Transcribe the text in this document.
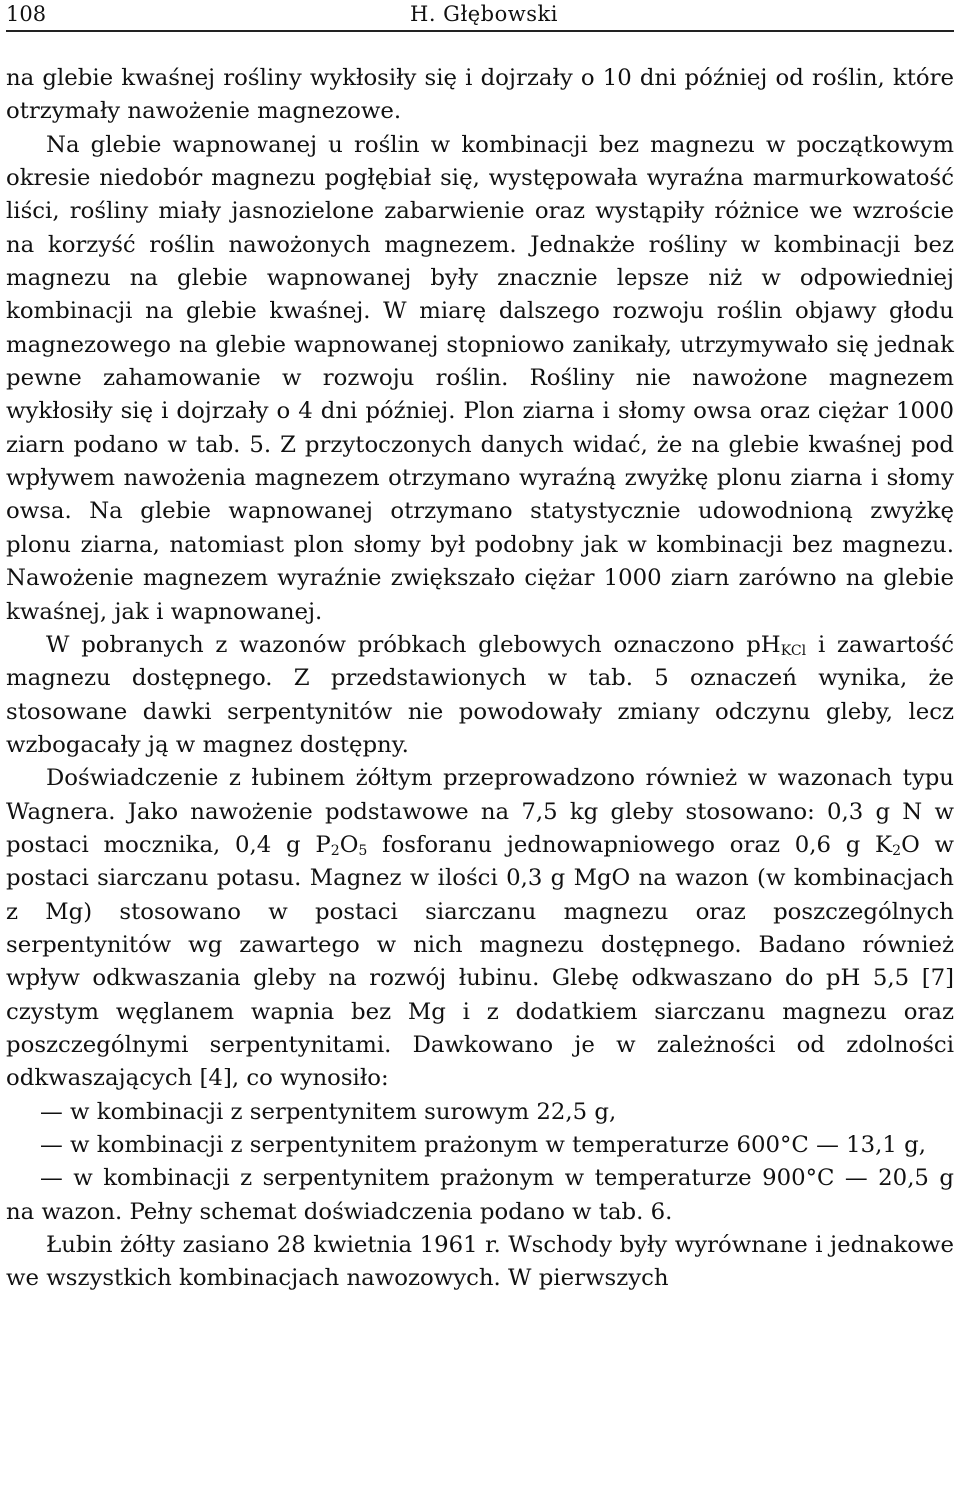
108	H. Głębowski

na glebie kwaśnej rośliny wykłosiły się i dojrzały o 10 dni później od roślin, które otrzymały nawożenie magnezowe.

Na glebie wapnowanej u roślin w kombinacji bez magnezu w początkowym okresie niedobór magnezu pogłębiał się, występowała wyraźna marmurkowatość liści, rośliny miały jasnozielone zabarwienie oraz wystąpiły różnice we wzroście na korzyść roślin nawożonych magnezem. Jednakże rośliny w kombinacji bez magnezu na glebie wapnowanej były znacznie lepsze niż w odpowiedniej kombinacji na glebie kwaśnej. W miarę dalszego rozwoju roślin objawy głodu magnezowego na glebie wapnowanej stopniowo zanikały, utrzymywało się jednak pewne zahamowanie w rozwoju roślin. Rośliny nie nawożone magnezem wykłosiły się i dojrzały o 4 dni później. Plon ziarna i słomy owsa oraz ciężar 1000 ziarn podano w tab. 5. Z przytoczonych danych widać, że na glebie kwaśnej pod wpływem nawożenia magnezem otrzymano wyraźną zwyżkę plonu ziarna i słomy owsa. Na glebie wapnowanej otrzymano statystycznie udowodnioną zwyżkę plonu ziarna, natomiast plon słomy był podobny jak w kombinacji bez magnezu. Nawożenie magnezem wyraźnie zwiększało ciężar 1000 ziarn zarówno na glebie kwaśnej, jak i wapnowanej.

W pobranych z wazonów próbkach glebowych oznaczono $pH_{KCl}$ i zawartość magnezu dostępnego. Z przedstawionych w tab. 5 oznaczeń wynika, że stosowane dawki serpentynitów nie powodowały zmiany odczynu gleby, lecz wzbogacały ją w magnez dostępny.

Doświadczenie z łubinem żółtym przeprowadzono również w wazonach typu Wagnera. Jako nawożenie podstawowe na 7,5 kg gleby stosowano: 0,3 g N w postaci mocznika, 0,4 g $P_2O_5$ fosforanu jednowapniowego oraz 0,6 g $K_2O$ w postaci siarczanu potasu. Magnez w ilości 0,3 g MgO na wazon (w kombinacjach z Mg) stosowano w postaci siarczanu magnezu oraz poszczególnych serpentynitów wg zawartego w nich magnezu dostępnego. Badano również wpływ odkwaszania gleby na rozwój łubinu. Glebę odkwaszano do pH 5,5 [7] czystym węglanem wapnia bez Mg i z dodatkiem siarczanu magnezu oraz poszczególnymi serpentynitami. Dawkowano je w zależności od zdolności odkwaszających [4], co wynosiło:

— w kombinacji z serpentynitem surowym 22,5 g,

— w kombinacji z serpentynitem prażonym w temperaturze 600°C — 13,1 g,

— w kombinacji z serpentynitem prażonym w temperaturze 900°C — 20,5 g na wazon. Pełny schemat doświadczenia podano w tab. 6.

Łubin żółty zasiano 28 kwietnia 1961 r. Wschody były wyrównane i jednakowe we wszystkich kombinacjach nawozowych. W pierwszych
